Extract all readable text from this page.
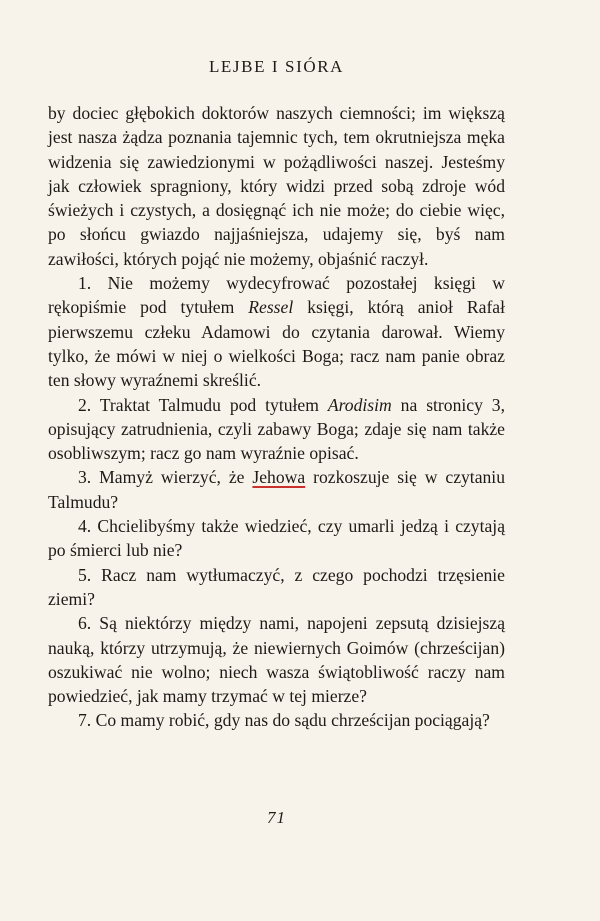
LEJBE I SIÓRA

by dociec głębokich doktorów naszych ciemności; im większą jest nasza żądza poznania tajemnic tych, tem okrutniejsza męka widzenia się zawiedzionymi w pożądliwości naszej. Jesteśmy jak człowiek spragniony, który widzi przed sobą zdroje wód świeżych i czystych, a dosięgnąć ich nie może; do ciebie więc, po słońcu gwiazdo najjaśniejsza, udajemy się, byś nam zawiłości, których pojąć nie możemy, objaśnić raczył.

1. Nie możemy wydecyfrować pozostałej księgi w rękopiśmie pod tytułem Ressel księgi, którą anioł Rafał pierwszemu człeku Adamowi do czytania darował. Wiemy tylko, że mówi w niej o wielkości Boga; racz nam panie obraz ten słowy wyraźnemi skreślić.

2. Traktat Talmudu pod tytułem Arodisim na stronicy 3, opisujący zatrudnienia, czyli zabawy Boga; zdaje się nam także osobliwszym; racz go nam wyraźnie opisać.

3. Mamyż wierzyć, że Jehowa rozkoszuje się w czytaniu Talmudu?

4. Chcielibyśmy także wiedzieć, czy umarli jedzą i czytają po śmierci lub nie?

5. Racz nam wytłumaczyć, z czego pochodzi trzęsienie ziemi?

6. Są niektórzy między nami, napojeni zepsutą dzisiejszą nauką, którzy utrzymują, że niewiernych Goimów (chrześcijan) oszukiwać nie wolno; niech wasza świątobliwość raczy nam powiedzieć, jak mamy trzymać w tej mierze?

7. Co mamy robić, gdy nas do sądu chrześcijan pociągają?

71
